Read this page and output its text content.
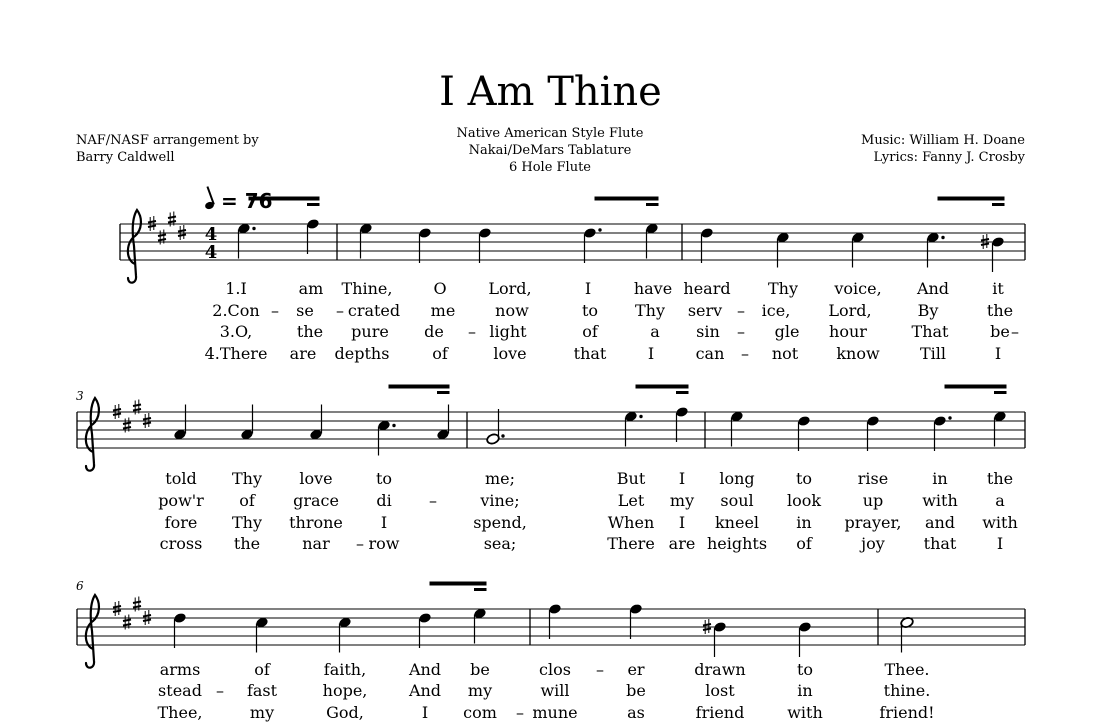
I Am Thine
NAF/NASF arrangement by
Barry Caldwell
Native American Style Flute
Nakai/DeMars Tablature
6 Hole Flute
Music: William H. Doane
Lyrics: Fanny J. Crosby
= 76
3
6
4
4
1.I	am Thine,	O	Lord,	I	have heard Thy voice, And	it
2.Con – se – crated me now	to Thy serv – ice, Lord,	By	the
3.O,	the pure de – light	of	a sin – gle hour	That	be –
4.There are depths	of	love	that	I	can – not know	Till	I
told Thy love	to	me;	But I long	to	rise	in the
pow'r of grace di –	vine;	Let my soul look	up with a
fore Thy throne I	spend,	When I kneel in prayer, and with
cross the	nar – row	sea;	There are heights of	joy that	I
arms	of	faith,	And be	clos – er	drawn	to	Thee.
stead – fast	hope,	And my	will	be	lost	in	thine.
Thee,	my	God,	I com – mune	as	friend	with	friend!
